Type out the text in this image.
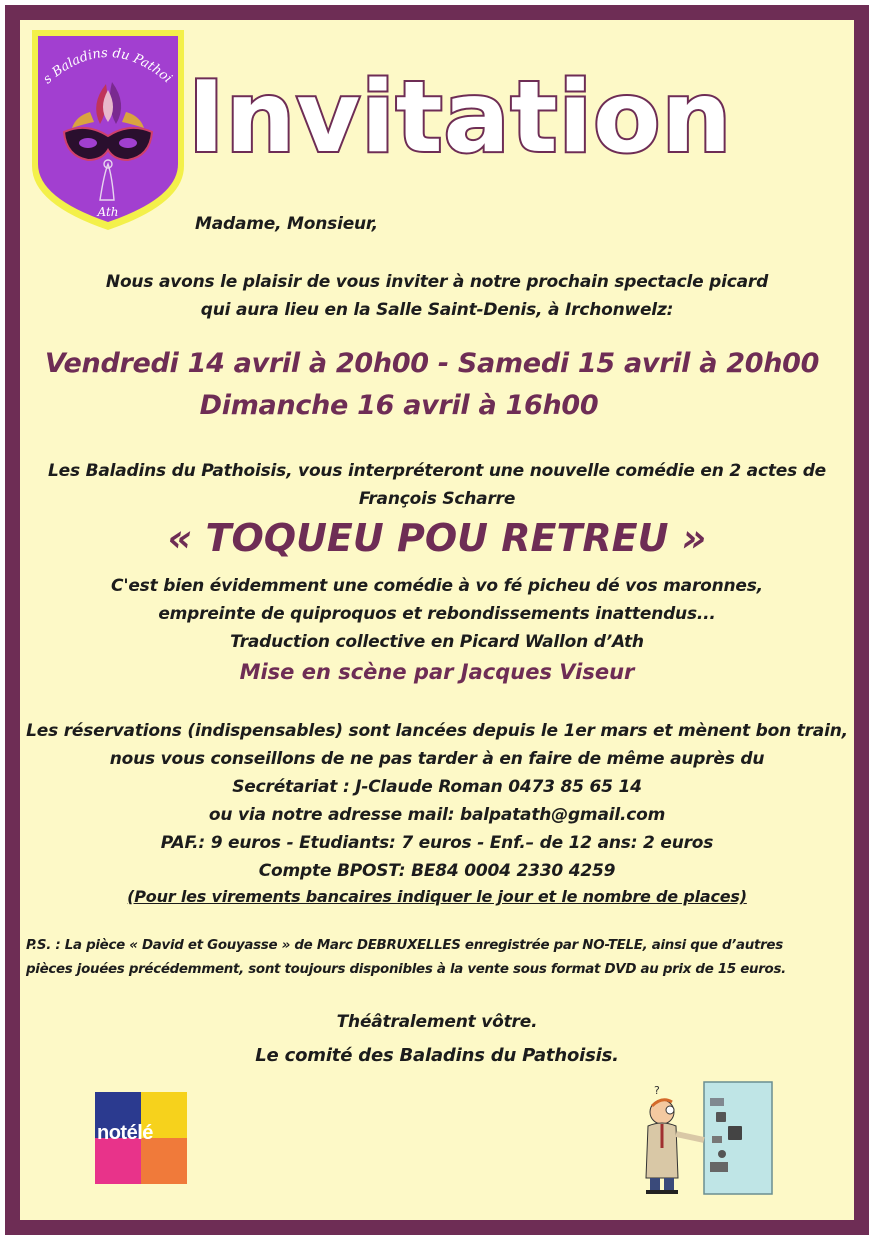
s Baladins du Pathoi
Ath
Invitation
Madame, Monsieur,
Nous avons le plaisir de vous inviter à notre prochain spectacle picard
qui aura lieu en la Salle Saint-Denis, à Irchonwelz:
Vendredi 14 avril à 20h00 - Samedi 15 avril à 20h00
Dimanche 16 avril à 16h00
Les Baladins du Pathoisis, vous interpréteront une nouvelle comédie en 2 actes de
François Scharre
« TOQUEU POU RETREU »
C'est bien évidemment une comédie à vo fé picheu dé vos maronnes,
empreinte de quiproquos et rebondissements inattendus...
Traduction collective en Picard Wallon d’Ath
Mise en scène par Jacques Viseur
Les réservations (indispensables) sont lancées depuis le 1er mars et mènent bon train,
nous vous conseillons de ne pas tarder à en faire de même auprès du
Secrétariat : J-Claude Roman 0473 85 65 14
ou via notre adresse mail: balpatath@gmail.com
PAF.: 9 euros - Etudiants: 7 euros - Enf.– de 12 ans: 2 euros
Compte BPOST: BE84 0004 2330 4259
(Pour les virements bancaires indiquer le jour et le nombre de places)
P.S. : La pièce « David et Gouyasse » de Marc DEBRUXELLES enregistrée par NO-TELE, ainsi que d’autres
pièces jouées précédemment, sont toujours disponibles à la vente sous format DVD au prix de 15 euros.
Théâtralement vôtre.
Le comité des Baladins du Pathoisis.
notélé
?
